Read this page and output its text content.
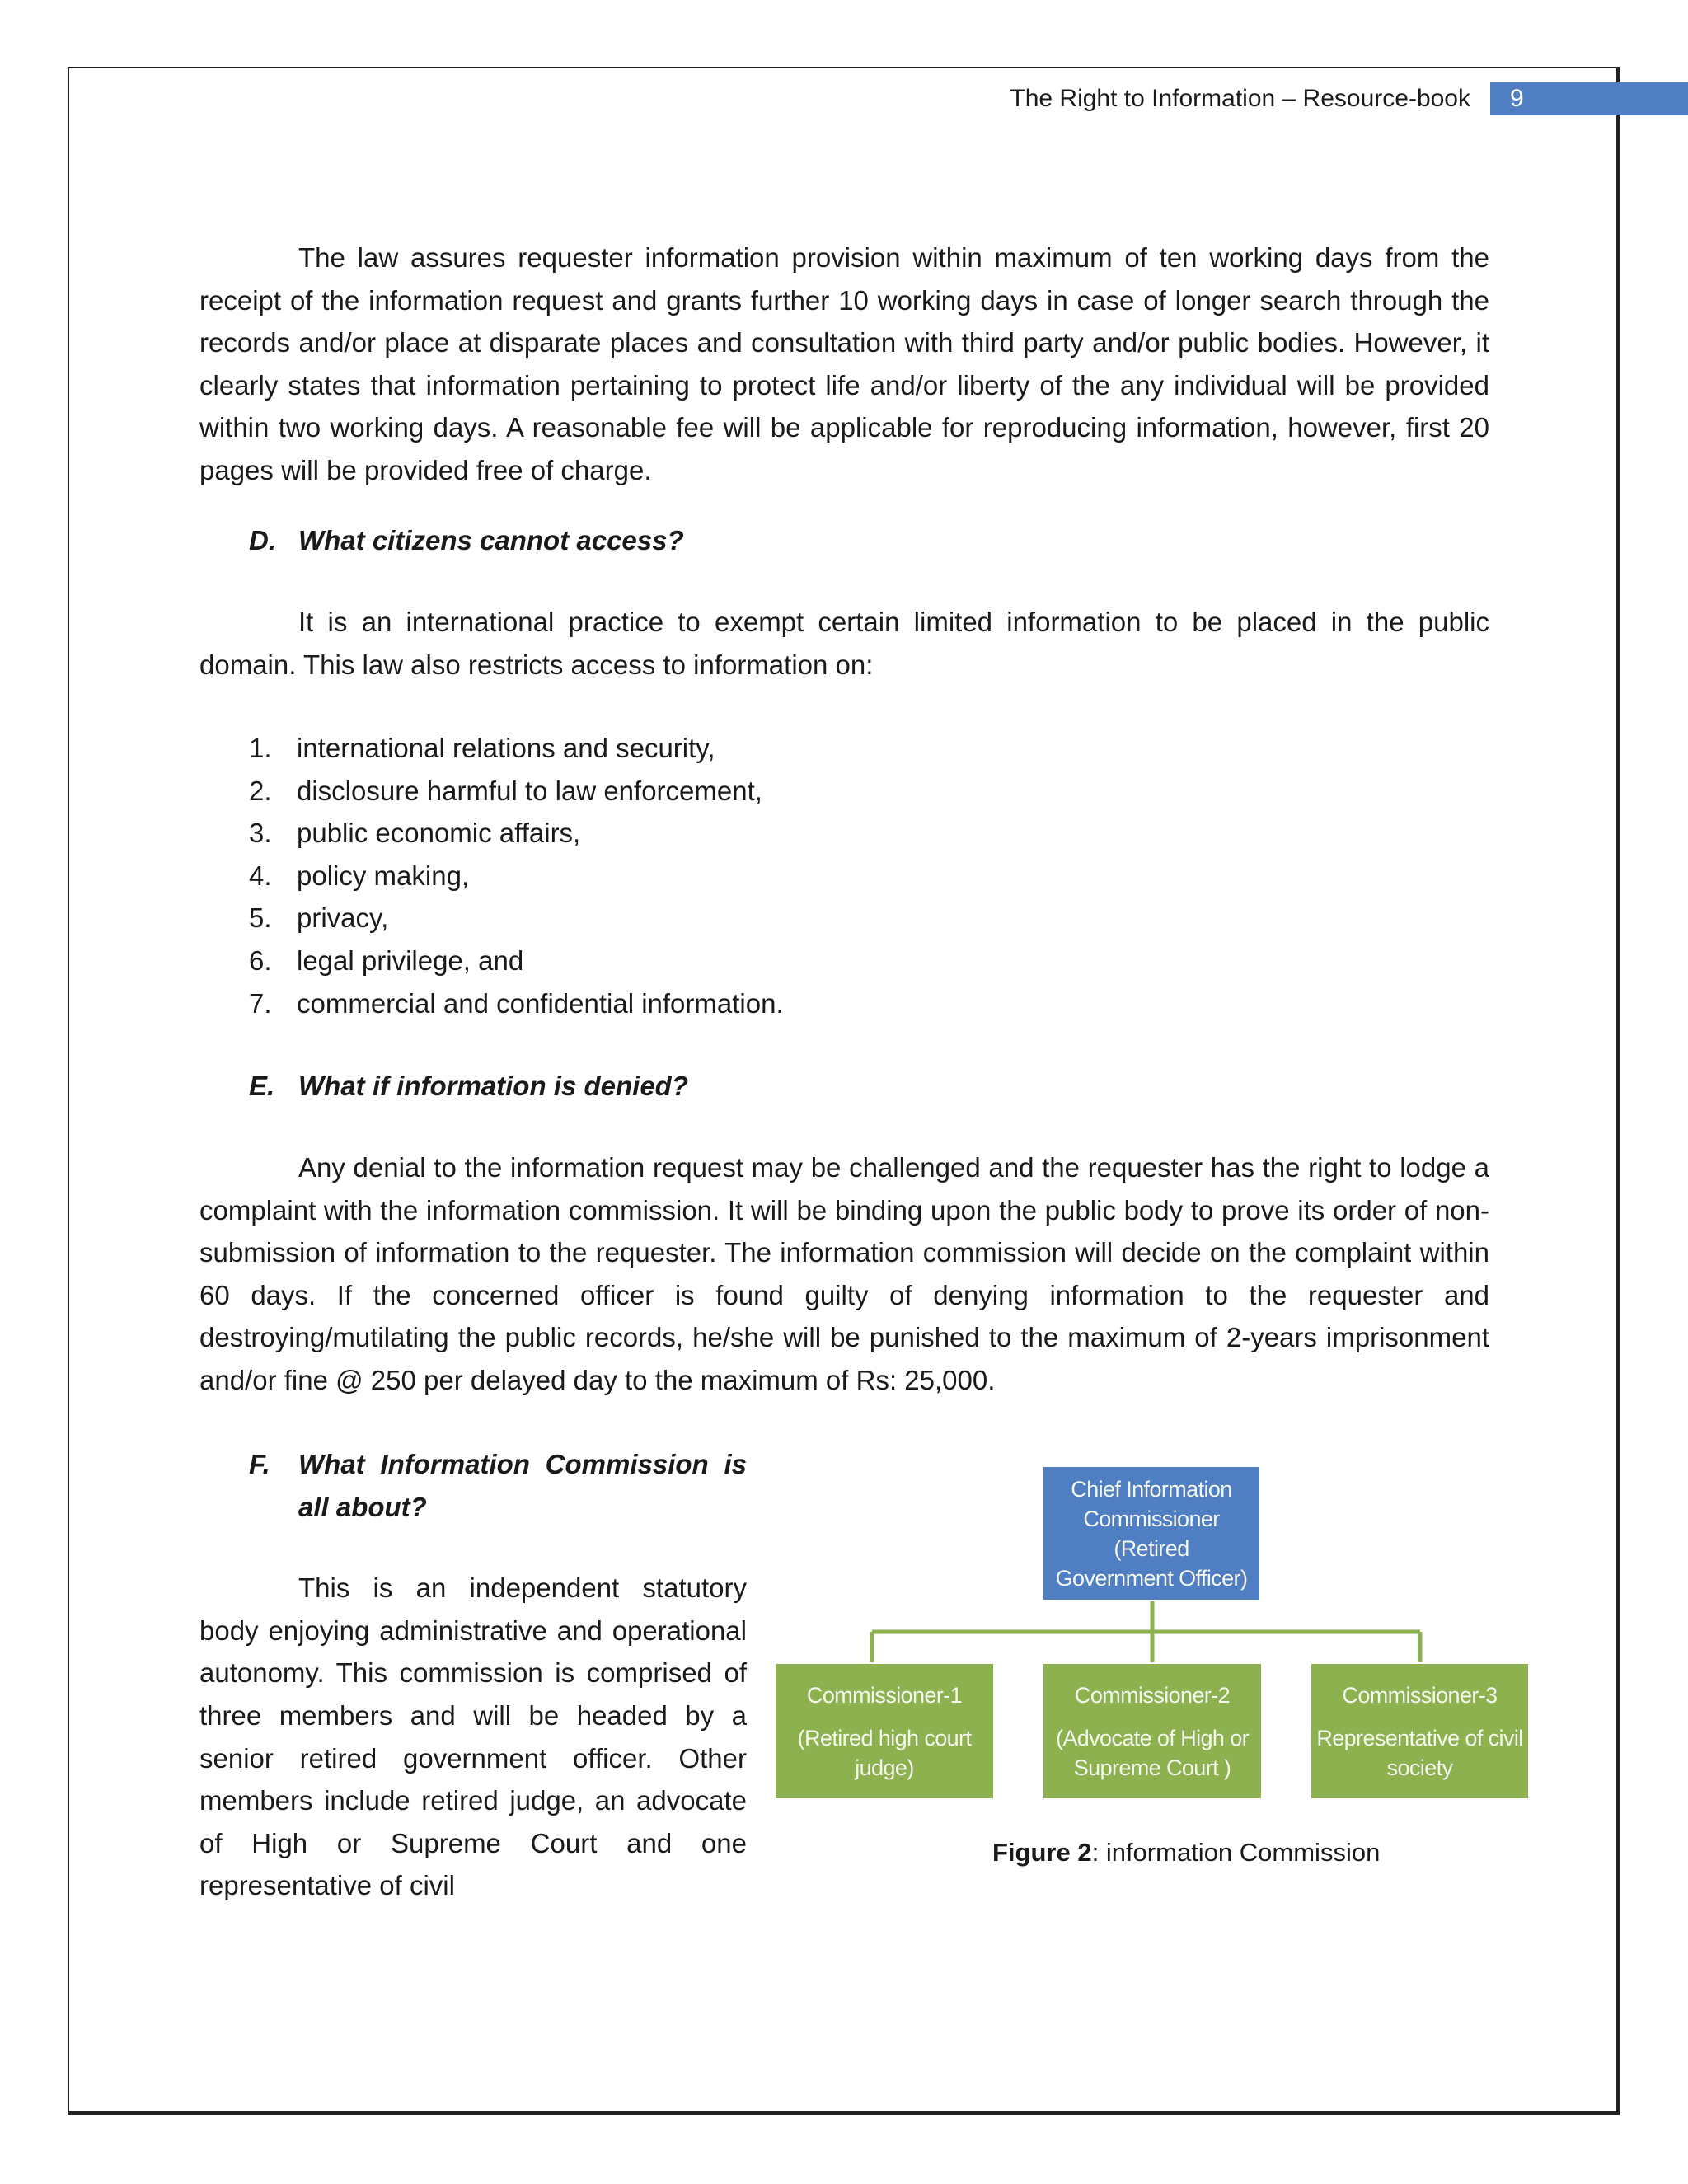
The Right to Information – Resource-book	9

The law assures requester information provision within maximum of ten working days from the receipt of the information request and grants further 10 working days in case of longer search through the records and/or place at disparate places and consultation with third party and/or public bodies. However, it clearly states that information pertaining to protect life and/or liberty of the any individual will be provided within two working days. A reasonable fee will be applicable for reproducing information, however, first 20 pages will be provided free of charge.

D. What citizens cannot access?

It is an international practice to exempt certain limited information to be placed in the public domain. This law also restricts access to information on:

1. international relations and security,
2. disclosure harmful to law enforcement,
3. public economic affairs,
4. policy making,
5. privacy,
6. legal privilege, and
7. commercial and confidential information.
E. What if information is denied?

Any denial to the information request may be challenged and the requester has the right to lodge a complaint with the information commission. It will be binding upon the public body to prove its order of non-submission of information to the requester. The information commission will decide on the complaint within 60 days. If the concerned officer is found guilty of denying information to the requester and destroying/mutilating the public records, he/she will be punished to the maximum of 2-years imprisonment and/or fine @ 250 per delayed day to the maximum of Rs: 25,000.

F.	What Information Commission is all about?

This is an independent statutory body enjoying administrative and operational autonomy. This commission is comprised of three members and will be headed by a senior retired government officer. Other members include retired judge, an advocate of High or Supreme Court and one representative of civil

Chief Information
Commissioner (Retired
Government Officer)
Commissioner-1
(Retired high court
judge)
Commissioner-2
(Advocate of High or
Supreme Court )
Commissioner-3
Representative of civil
society
Figure 2: information Commission
